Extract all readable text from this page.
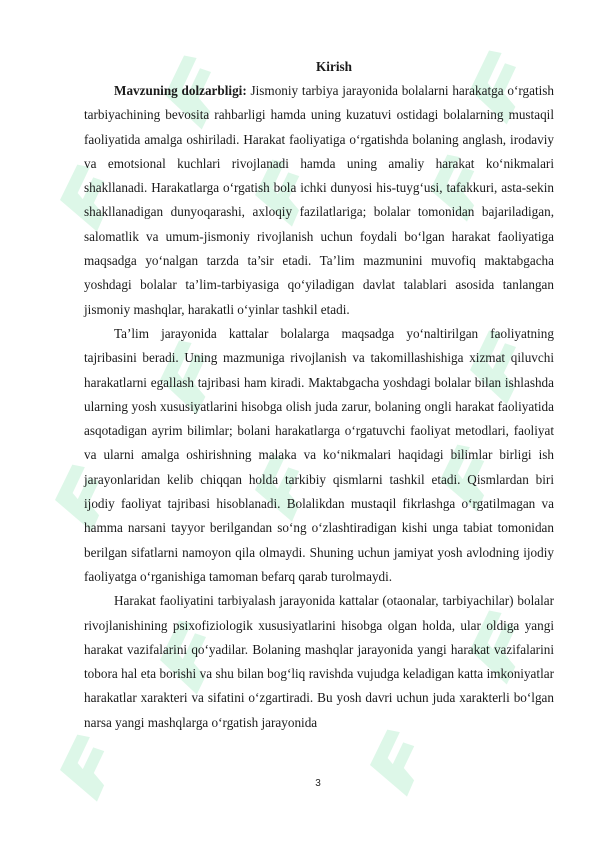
Kirish

Mavzuning dolzarbligi: Jismoniy tarbiya jarayonida bolalarni harakatga o‘rgatish tarbiyachining bevosita rahbarligi hamda uning kuzatuvi ostidagi bolalarning mustaqil faoliyatida amalga oshiriladi. Harakat faoliyatiga o‘rgatishda bolaning anglash, irodaviy va emotsional kuchlari rivojlanadi hamda uning amaliy harakat ko‘nikmalari shakllanadi. Harakatlarga o‘rgatish bola ichki dunyosi his-tuyg‘usi, tafakkuri, asta-sekin shakllanadigan dunyoqarashi, axloqiy fazilatlariga; bolalar tomonidan bajariladigan, salomatlik va umum-jismoniy rivojlanish uchun foydali bo‘lgan harakat faoliyatiga maqsadga yo‘nalgan tarzda ta’sir etadi. Ta’lim mazmunini muvofiq maktabgacha yoshdagi bolalar ta’lim-tarbiyasiga qo‘yiladigan davlat talablari asosida tanlangan jismoniy mashqlar, harakatli o‘yinlar tashkil etadi.

Ta’lim jarayonida kattalar bolalarga maqsadga yo‘naltirilgan faoliyatning tajribasini beradi. Uning mazmuniga rivojlanish va takomillashishiga xizmat qiluvchi harakatlarni egallash tajribasi ham kiradi. Maktabgacha yoshdagi bolalar bilan ishlashda ularning yosh xususiyatlarini hisobga olish juda zarur, bolaning ongli harakat faoliyatida asqotadigan ayrim bilimlar; bolani harakatlarga o‘rgatuvchi faoliyat metodlari, faoliyat va ularni amalga oshirishning malaka va ko‘nikmalari haqidagi bilimlar birligi ish jarayonlaridan kelib chiqqan holda tarkibiy qismlarni tashkil etadi. Qismlardan biri ijodiy faoliyat tajribasi hisoblanadi. Bolalikdan mustaqil fikrlashga o‘rgatilmagan va hamma narsani tayyor berilgandan so‘ng o‘zlashtiradigan kishi unga tabiat tomonidan berilgan sifatlarni namoyon qila olmaydi. Shuning uchun jamiyat yosh avlodning ijodiy faoliyatga o‘rganishiga tamoman befarq qarab turolmaydi.

Harakat faoliyatini tarbiyalash jarayonida kattalar (otaonalar, tarbiyachilar) bolalar rivojlanishining psixofiziologik xususiyatlarini hisobga olgan holda, ular oldiga yangi harakat vazifalarini qo‘yadilar. Bolaning mashqlar jarayonida yangi harakat vazifalarini tobora hal eta borishi va shu bilan bog‘liq ravishda vujudga keladigan katta imkoniyatlar harakatlar xarakteri va sifatini o‘zgartiradi. Bu yosh davri uchun juda xarakterli bo‘lgan narsa yangi mashqlarga o‘rgatish jarayonida

3
